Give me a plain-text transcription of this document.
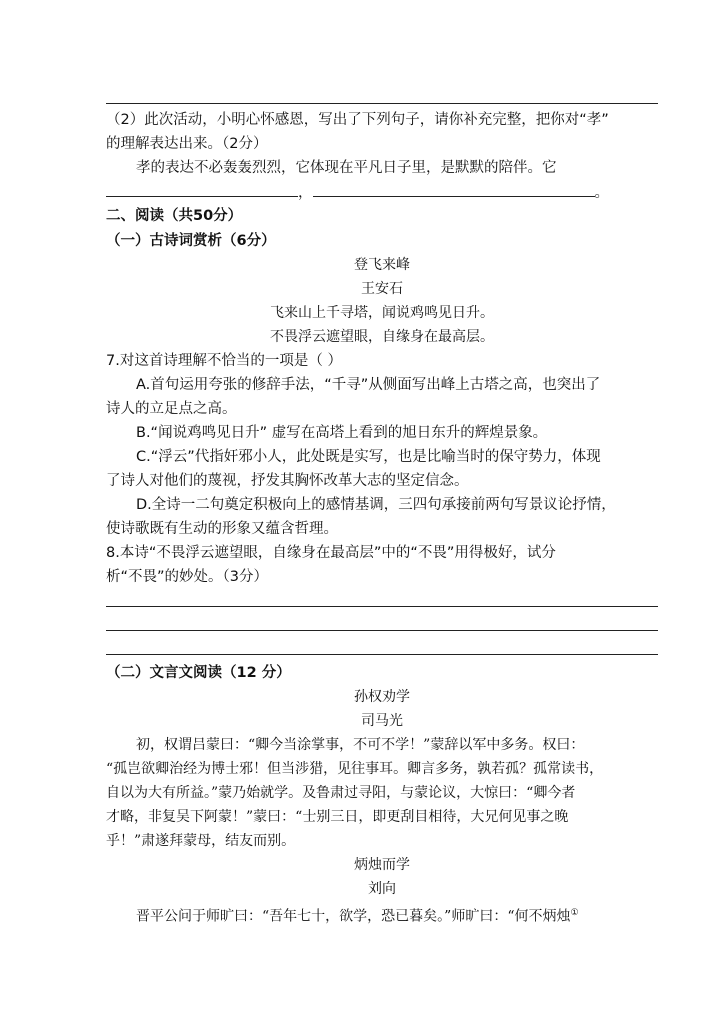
（2）此次活动，小明心怀感恩，写出了下列句子，请你补充完整，把你对“孝”
的理解表达出来。（2分）
孝的表达不必轰轰烈烈，它体现在平凡日子里，是默默的陪伴。它
，	。
二、阅读（共50分）
（一）古诗词赏析（6分）
登飞来峰
王安石
飞来山上千寻塔，闻说鸡鸣见日升。
不畏浮云遮望眼，自缘身在最高层。
7.对这首诗理解不恰当的一项是（ ）
A.首句运用夸张的修辞手法，“千寻”从侧面写出峰上古塔之高，也突出了
诗人的立足点之高。
B.“闻说鸡鸣见日升” 虚写在高塔上看到的旭日东升的辉煌景象。
C.“浮云”代指奸邪小人，此处既是实写，也是比喻当时的保守势力，体现
了诗人对他们的蔑视，抒发其胸怀改革大志的坚定信念。
D.全诗一二句奠定积极向上的感情基调，三四句承接前两句写景议论抒情，
使诗歌既有生动的形象又蕴含哲理。
8.本诗“不畏浮云遮望眼，自缘身在最高层”中的“不畏”用得极好，试分
析“不畏”的妙处。（3分）
（二）文言文阅读（12 分）
孙权劝学
司马光
初，权谓吕蒙曰：“卿今当涂掌事，不可不学！”蒙辞以军中多务。权曰：
“孤岂欲卿治经为博士邪！但当涉猎，见往事耳。卿言多务，孰若孤？孤常读书，
自以为大有所益。”蒙乃始就学。及鲁肃过寻阳，与蒙论议，大惊曰：“卿今者
才略，非复吴下阿蒙！”蒙曰：“士别三日，即更刮目相待，大兄何见事之晚
乎！”肃遂拜蒙母，结友而别。
炳烛而学
刘向
晋平公问于师旷曰：“吾年七十，欲学，恐已暮矣。”师旷曰：“何不炳烛①
